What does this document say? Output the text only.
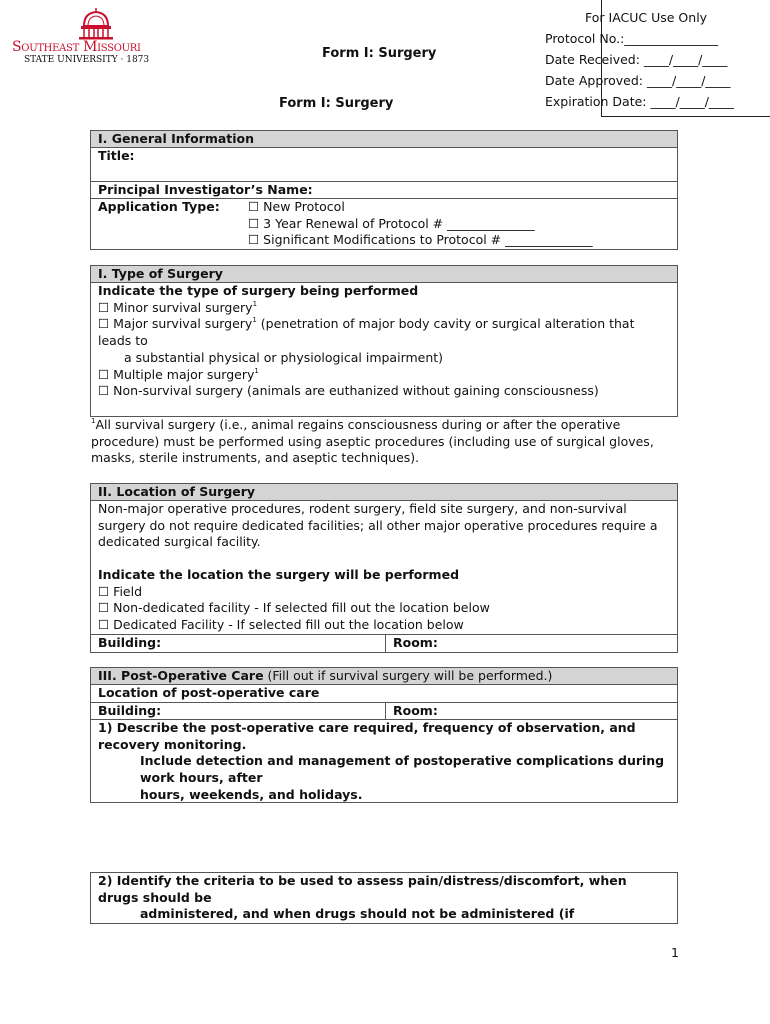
Southeast Missouri
STATE UNIVERSITY · 1873
For IACUC Use Only
Protocol No.:_______________
Date Received: ____/____/____
Date Approved: ____/____/____
Expiration Date: ____/____/____
Form I: Surgery
Form I: Surgery
I. General Information
Title:
Principal Investigator’s Name:
Application Type:	☐ New Protocol
☐ 3 Year Renewal of Protocol # ______________
☐ Significant Modifications to Protocol # ______________
I. Type of Surgery
Indicate the type of surgery being performed
☐ Minor survival surgery$^1$
☐ Major survival surgery$^1$ (penetration of major body cavity or surgical alteration that leads to
a substantial physical or physiological impairment)
☐ Multiple major surgery$^1$
☐ Non-survival surgery (animals are euthanized without gaining consciousness)
$^1$All survival surgery (i.e., animal regains consciousness during or after the operative procedure) must be performed using aseptic procedures (including use of surgical gloves, masks, sterile instruments, and aseptic techniques).
II. Location of Surgery
Non-major operative procedures, rodent surgery, field site surgery, and non-survival surgery do not require dedicated facilities; all other major operative procedures require a dedicated surgical facility.
Indicate the location the surgery will be performed
☐ Field
☐ Non-dedicated facility - If selected fill out the location below
☐ Dedicated Facility - If selected fill out the location below
Building:	Room:
III. Post-Operative Care (Fill out if survival surgery will be performed.)
Location of post-operative care
Building:	Room:
1) Describe the post-operative care required, frequency of observation, and recovery monitoring.
Include detection and management of postoperative complications during work hours, after
hours, weekends, and holidays.
2) Identify the criteria to be used to assess pain/distress/discomfort, when drugs should be
administered, and when drugs should not be administered (if
1
